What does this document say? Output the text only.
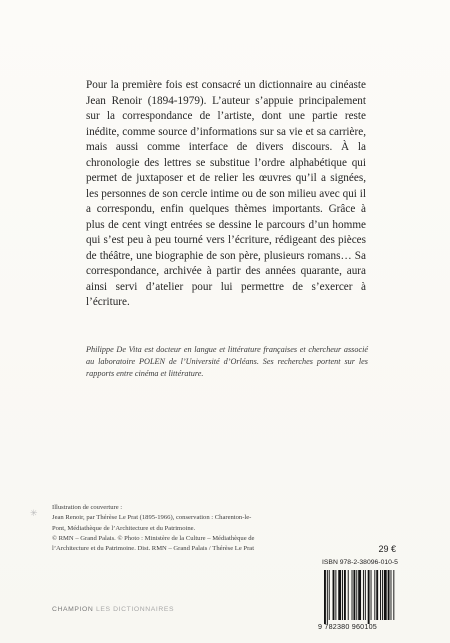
Pour la première fois est consacré un dictionnaire au cinéaste Jean Renoir (1894-1979). L’auteur s’appuie principalement sur la correspondance de l’artiste, dont une partie reste inédite, comme source d’informations sur sa vie et sa carrière, mais aussi comme interface de divers discours. À la chronologie des lettres se substitue l’ordre alphabétique qui permet de juxtaposer et de relier les œuvres qu’il a signées, les personnes de son cercle intime ou de son milieu avec qui il a correspondu, enfin quelques thèmes importants. Grâce à plus de cent vingt entrées se dessine le parcours d’un homme qui s’est peu à peu tourné vers l’écriture, rédigeant des pièces de théâtre, une biographie de son père, plusieurs romans… Sa correspondance, archivée à partir des années quarante, aura ainsi servi d’atelier pour lui permettre de s’exercer à l’écriture.

Philippe De Vita est docteur en langue et littérature françaises et chercheur associé au laboratoire POLEN de l’Université d’Orléans. Ses recherches portent sur les rapports entre cinéma et littérature.

✳

Illustration de couverture :

Jean Renoir, par Thérèse Le Prat (1895-1966), conservation : Charenton-le-Pont, Médiathèque de l’Architecture et du Patrimoine.

© RMN – Grand Palais. © Photo : Ministère de la Culture – Médiathèque de l’Architecture et du Patrimoine. Dist. RMN – Grand Palais / Thérèse Le Prat

CHAMPION LES DICTIONNAIRES
29 €
ISBN 978-2-38096-010-5
9 782380 960105
